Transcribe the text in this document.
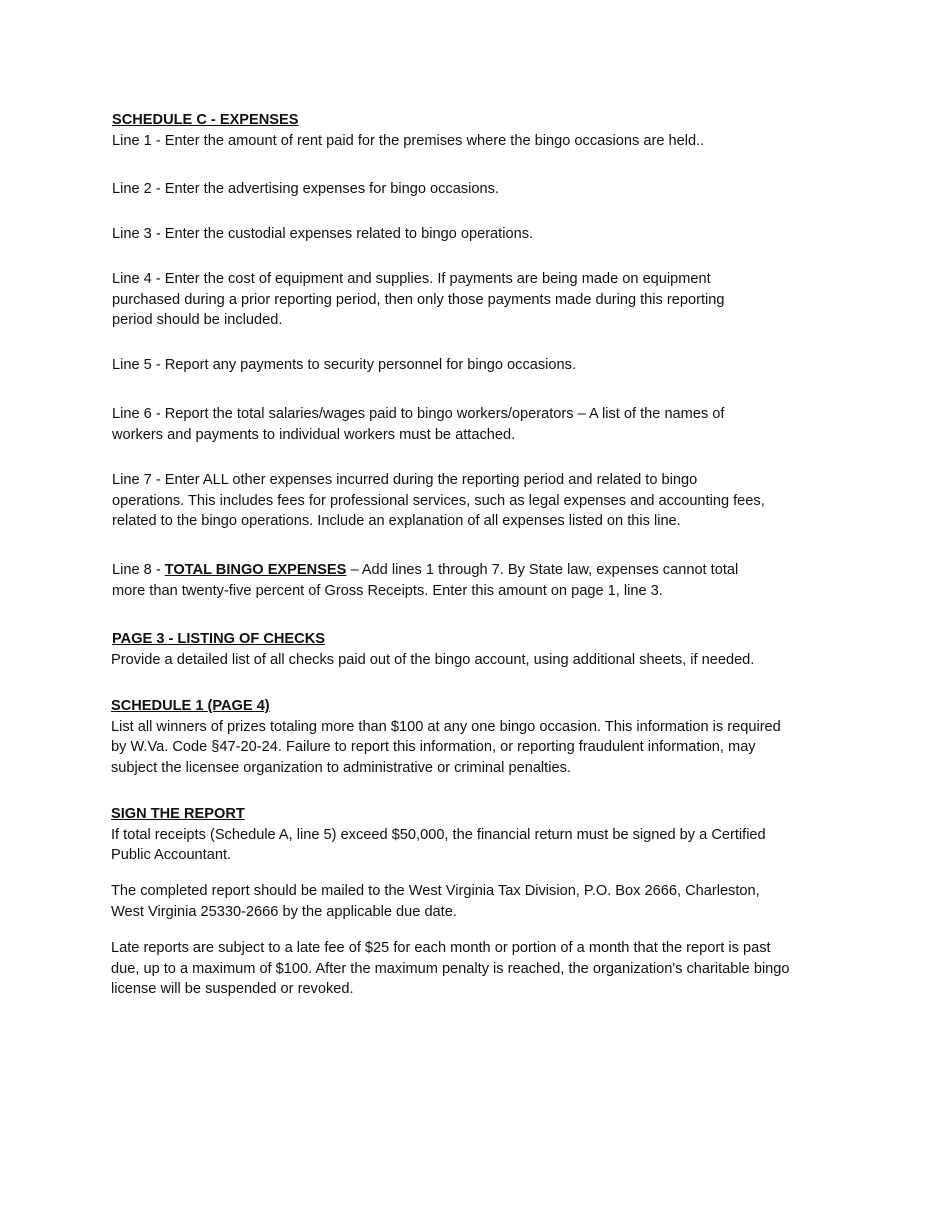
SCHEDULE C - EXPENSES
Line 1 - Enter the amount of rent paid for the premises where the bingo occasions are held..
Line 2 - Enter the advertising expenses for bingo occasions.
Line 3 - Enter the custodial expenses related to bingo operations.
Line 4 - Enter the cost of equipment and supplies. If payments are being made on equipment
purchased during a prior reporting period, then only those payments made during this reporting
period should be included.
Line 5 - Report any payments to security personnel for bingo occasions.
Line 6 - Report the total salaries/wages paid to bingo workers/operators – A list of the names of
workers and payments to individual workers must be attached.
Line 7 - Enter ALL other expenses incurred during the reporting period and related to bingo
operations. This includes fees for professional services, such as legal expenses and accounting fees,
related to the bingo operations. Include an explanation of all expenses listed on this line.
Line 8 - TOTAL BINGO EXPENSES – Add lines 1 through 7. By State law, expenses cannot total
more than twenty-five percent of Gross Receipts. Enter this amount on page 1, line 3.
PAGE 3 - LISTING OF CHECKS
Provide a detailed list of all checks paid out of the bingo account, using additional sheets, if needed.
SCHEDULE 1 (PAGE 4)
List all winners of prizes totaling more than $100 at any one bingo occasion. This information is required
by W.Va. Code §47-20-24. Failure to report this information, or reporting fraudulent information, may
subject the licensee organization to administrative or criminal penalties.
SIGN THE REPORT
If total receipts (Schedule A, line 5) exceed $50,000, the financial return must be signed by a Certified
Public Accountant.
The completed report should be mailed to the West Virginia Tax Division, P.O. Box 2666, Charleston,
West Virginia 25330-2666 by the applicable due date.
Late reports are subject to a late fee of $25 for each month or portion of a month that the report is past
due, up to a maximum of $100. After the maximum penalty is reached, the organization's charitable bingo
license will be suspended or revoked.
